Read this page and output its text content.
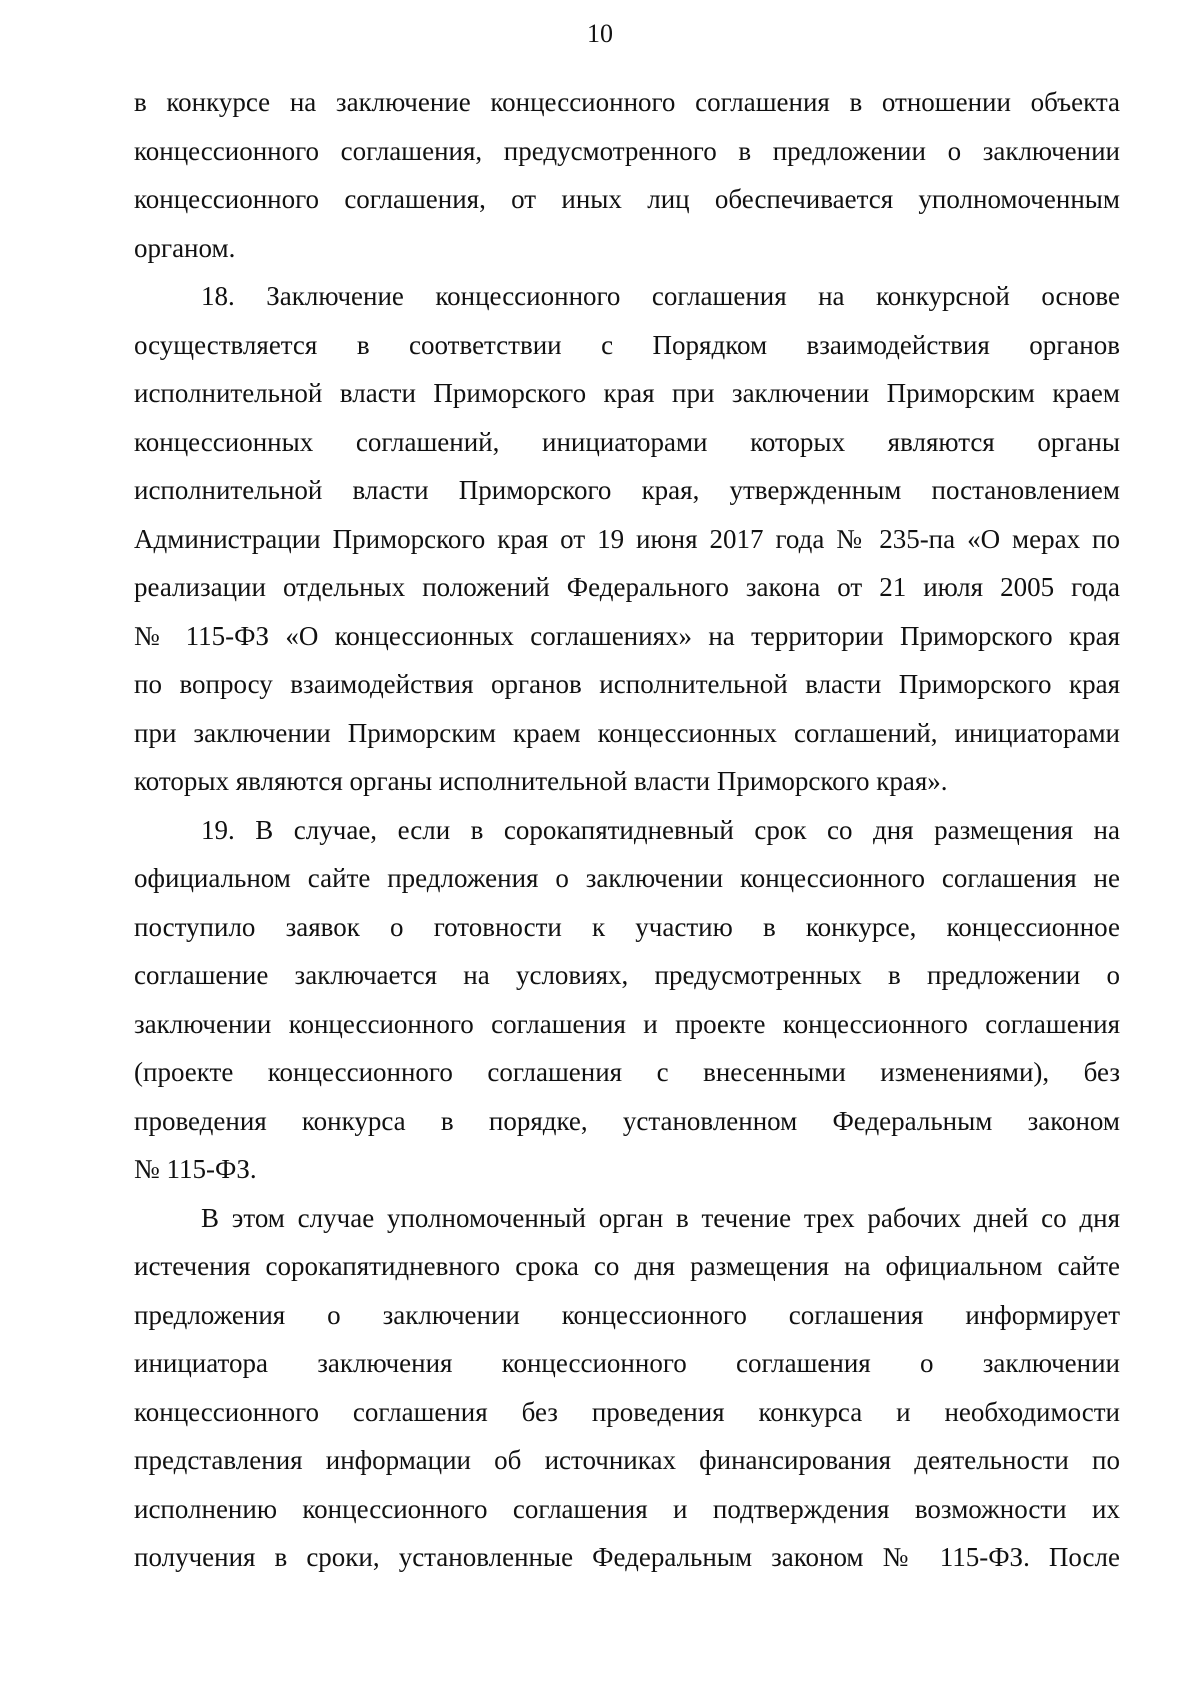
10
в конкурсе на заключение концессионного соглашения в отношении объекта
концессионного соглашения, предусмотренного в предложении о заключении
концессионного соглашения, от иных лиц обеспечивается уполномоченным
органом.
18. Заключение концессионного соглашения на конкурсной основе
осуществляется в соответствии с Порядком взаимодействия органов
исполнительной власти Приморского края при заключении Приморским краем
концессионных соглашений, инициаторами которых являются органы
исполнительной власти Приморского края, утвержденным постановлением
Администрации Приморского края от 19 июня 2017 года № 235-па «О мерах по
реализации отдельных положений Федерального закона от 21 июля 2005 года
№ 115-ФЗ «О концессионных соглашениях» на территории Приморского края
по вопросу взаимодействия органов исполнительной власти Приморского края
при заключении Приморским краем концессионных соглашений, инициаторами
которых являются органы исполнительной власти Приморского края».
19. В случае, если в сорокапятидневный срок со дня размещения на
официальном сайте предложения о заключении концессионного соглашения не
поступило заявок о готовности к участию в конкурсе, концессионное
соглашение заключается на условиях, предусмотренных в предложении о
заключении концессионного соглашения и проекте концессионного соглашения
(проекте концессионного соглашения с внесенными изменениями), без
проведения конкурса в порядке, установленном Федеральным законом
№ 115-ФЗ.
В этом случае уполномоченный орган в течение трех рабочих дней со дня
истечения сорокапятидневного срока со дня размещения на официальном сайте
предложения о заключении концессионного соглашения информирует
инициатора заключения концессионного соглашения о заключении
концессионного соглашения без проведения конкурса и необходимости
представления информации об источниках финансирования деятельности по
исполнению концессионного соглашения и подтверждения возможности их
получения в сроки, установленные Федеральным законом № 115-ФЗ. После
